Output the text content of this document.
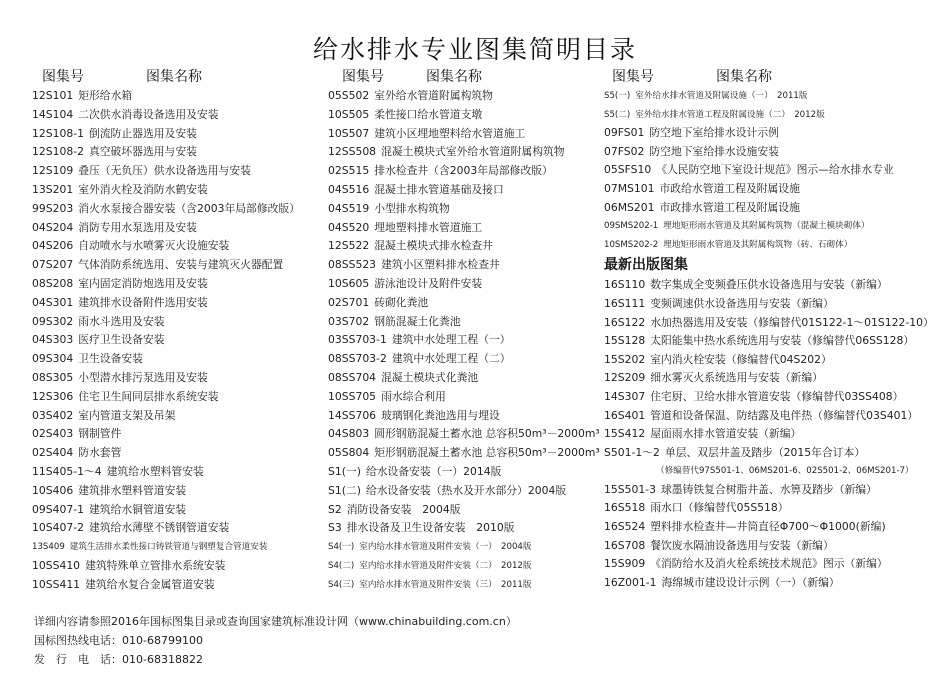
给水排水专业图集简明目录
图集号	图集名称
12S101 矩形给水箱
14S104 二次供水消毒设备选用及安装
12S108-1 倒流防止器选用及安装
12S108-2 真空破坏器选用与安装
12S109 叠压（无负压）供水设备选用与安装
13S201 室外消火栓及消防水鹤安装
99S203 消火水泵接合器安装（含2003年局部修改版）
04S204 消防专用水泵选用及安装
04S206 自动喷水与水喷雾灭火设施安装
07S207 气体消防系统选用、安装与建筑灭火器配置
08S208 室内固定消防炮选用及安装
04S301 建筑排水设备附件选用安装
09S302 雨水斗选用及安装
04S303 医疗卫生设备安装
09S304 卫生设备安装
08S305 小型潜水排污泵选用及安装
12S306 住宅卫生间同层排水系统安装
03S402 室内管道支架及吊架
02S403 钢制管件
02S404 防水套管
11S405-1～4 建筑给水塑料管安装
10S406 建筑排水塑料管道安装
09S407-1 建筑给水铜管道安装
10S407-2 建筑给水薄壁不锈钢管道安装
13S409 建筑生活排水柔性接口铸铁管道与钢塑复合管道安装
10SS410 建筑特殊单立管排水系统安装
10SS411 建筑给水复合金属管道安装
图集号	图集名称
05S502 室外给水管道附属构筑物
10S505 柔性接口给水管道支墩
10S507 建筑小区埋地塑料给水管道施工
12SS508 混凝土模块式室外给水管道附属构筑物
02S515 排水检查井（含2003年局部修改版）
04S516 混凝土排水管道基础及接口
04S519 小型排水构筑物
04S520 埋地塑料排水管道施工
12S522 混凝土模块式排水检查井
08SS523 建筑小区塑料排水检查井
10S605 游泳池设计及附件安装
02S701 砖砌化粪池
03S702 钢筋混凝土化粪池
03SS703-1 建筑中水处理工程（一）
08SS703-2 建筑中水处理工程（二）
08SS704 混凝土模块式化粪池
10SS705 雨水综合利用
14SS706 玻璃钢化粪池选用与埋设
04S803 圆形钢筋混凝土蓄水池 总容积50m³－2000m³
05S804 矩形钢筋混凝土蓄水池 总容积50m³－2000m³
S1(一) 给水设备安装（一）2014版
S1(二) 给水设备安装（热水及开水部分）2004版
S2 消防设备安装　2004版
S3 排水设备及卫生设备安装　2010版
S4(一) 室内给水排水管道及附件安装（一）　2004版
S4(二) 室内给水排水管道及附件安装（二）　2012版
S4(三) 室内给水排水管道及附件安装（三）　2011版
图集号	图集名称
S5(一) 室外给水排水管道及附属设施（一）　2011版
S5(二) 室外给水排水管道工程及附属设施（二）　2012版
09FS01 防空地下室给排水设计示例
07FS02 防空地下室给排水设施安装
05SFS10 《人民防空地下室设计规范》图示—给水排水专业
07MS101 市政给水管道工程及附属设施
06MS201 市政排水管道工程及附属设施
09SMS202-1 埋地矩形雨水管道及其附属构筑物（混凝土模块砌体）
10SMS202-2 埋地矩形雨水管道及其附属构筑物（砖、石砌体）
最新出版图集
16S110 数字集成全变频叠压供水设备选用与安装（新编）
16S111 变频调速供水设备选用与安装（新编）
16S122 水加热器选用及安装（修编替代01S122-1～01S122-10）
15S128 太阳能集中热水系统选用与安装（修编替代06SS128）
15S202 室内消火栓安装（修编替代04S202）
12S209 细水雾灭火系统选用与安装（新编）
14S307 住宅厨、卫给水排水管道安装（修编替代03SS408）
16S401 管道和设备保温、防结露及电伴热（修编替代03S401）
15S412 屋面雨水排水管道安装（新编）
S501-1～2 单层、双层井盖及踏步（2015年合订本）
（修编替代97S501-1、06MS201-6、02S501-2、06MS201-7）
15S501-3 球墨铸铁复合树脂井盖、水箅及踏步（新编）
16S518 雨水口（修编替代05S518）
16S524 塑料排水检查井—井筒直径Φ700～Φ1000(新编)
16S708 餐饮废水隔油设备选用与安装（新编）
15S909 《消防给水及消火栓系统技术规范》图示（新编）
16Z001-1 海绵城市建设设计示例（一）（新编）
详细内容请参照2016年国标图集目录或查询国家建筑标准设计网（www.chinabuilding.com.cn）
国标图热线电话：010-68799100
发　行　电　话：010-68318822
